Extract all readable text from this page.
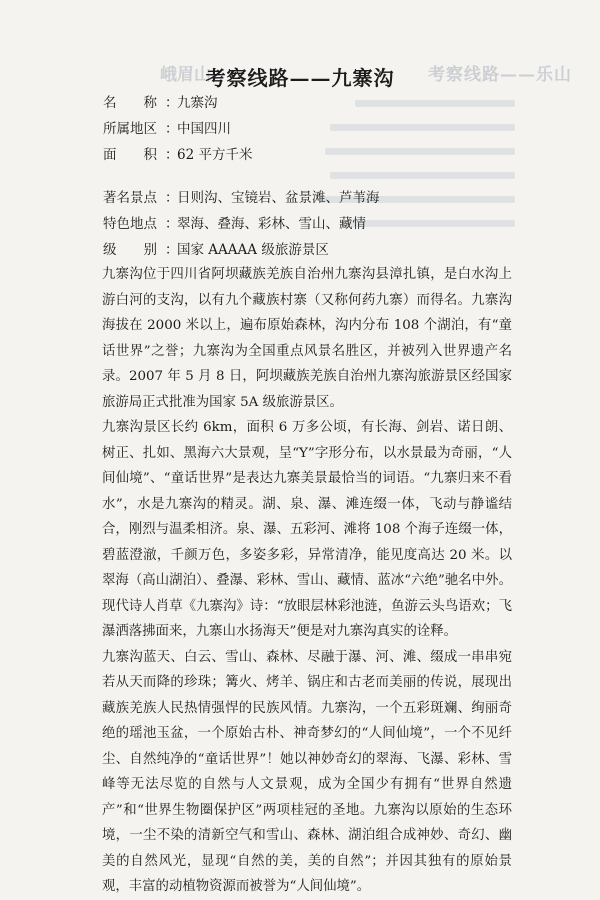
考察线路——乐山
峨眉山
考察线路——九寨沟
名　　称 ：九寨沟
所属地区 ：中国四川
面　　积 ：62 平方千米
著名景点 ：日则沟、宝镜岩、盆景滩、芦苇海
特色地点 ：翠海、叠海、彩林、雪山、藏情
级　　别 ：国家 AAAAA 级旅游景区

九寨沟位于四川省阿坝藏族羌族自治州九寨沟县漳扎镇，是白水沟上游白河的支沟，以有九个藏族村寨（又称何药九寨）而得名。九寨沟海拔在 2000 米以上，遍布原始森林，沟内分布 108 个湖泊，有“童话世界”之誉；九寨沟为全国重点风景名胜区，并被列入世界遗产名录。2007 年 5 月 8 日，阿坝藏族羌族自治州九寨沟旅游景区经国家旅游局正式批准为国家 5A 级旅游景区。

九寨沟景区长约 6km，面积 6 万多公顷，有长海、剑岩、诺日朗、树正、扎如、黑海六大景观，呈“Y”字形分布，以水景最为奇丽，“人间仙境”、“童话世界”是表达九寨美景最恰当的词语。“九寨归来不看水”，水是九寨沟的精灵。湖、泉、瀑、滩连缀一体，飞动与静谧结合，刚烈与温柔相济。泉、瀑、五彩河、滩将 108 个海子连缀一体，碧蓝澄澈，千颜万色，多姿多彩，异常清净，能见度高达 20 米。以翠海（高山湖泊）、叠瀑、彩林、雪山、藏情、蓝冰“六绝”驰名中外。现代诗人肖草《九寨沟》诗：“放眼层林彩池涟，鱼游云头鸟语欢；飞瀑洒落拂面来，九寨山水扬海天”便是对九寨沟真实的诠释。

九寨沟蓝天、白云、雪山、森林、尽融于瀑、河、滩、缀成一串串宛若从天而降的珍珠；篝火、烤羊、锅庄和古老而美丽的传说，展现出藏族羌族人民热情强悍的民族风情。九寨沟，一个五彩斑斓、绚丽奇绝的瑶池玉盆，一个原始古朴、神奇梦幻的“人间仙境”，一个不见纤尘、自然纯净的“童话世界”！她以神妙奇幻的翠海、飞瀑、彩林、雪峰等无法尽览的自然与人文景观，成为全国少有拥有“世界自然遗产”和“世界生物圈保护区”两项桂冠的圣地。九寨沟以原始的生态环境，一尘不染的清新空气和雪山、森林、湖泊组合成神妙、奇幻、幽美的自然风光，显现“自然的美，美的自然”；并因其独有的原始景观，丰富的动植物资源而被誉为“人间仙境”。
